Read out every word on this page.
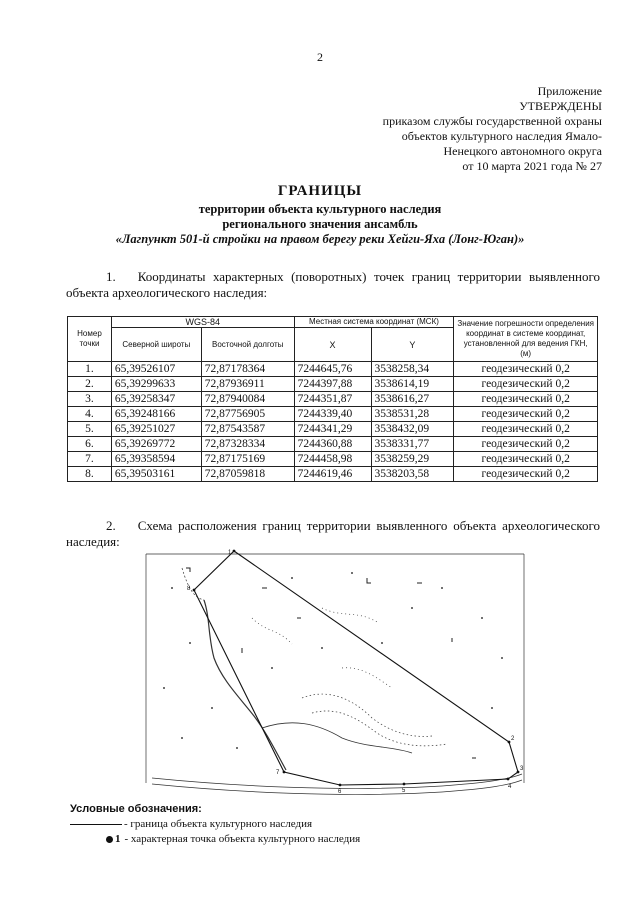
2
Приложение
УТВЕРЖДЕНЫ
приказом службы государственной охраны
объектов культурного наследия Ямало-
Ненецкого автономного округа
от 10 марта 2021 года № 27
ГРАНИЦЫ
территории объекта культурного наследия
регионального значения ансамбль
«Лагпункт 501-й стройки на правом берегу реки Хейги-Яха (Лонг-Юган)»
1. Координаты характерных (поворотных) точек границ территории выявленного объекта археологического наследия:
Номер точки	WGS-84		Местная система координат (МСК)		Значение погрешности определения координат в системе координат, установленной для ведения ГКН, (м)
	Северной широты	Восточной долготы	X	Y	
1.	65,39526107	72,87178364	7244645,76	3538258,34	геодезический 0,2
2.	65,39299633	72,87936911	7244397,88	3538614,19	геодезический 0,2
3.	65,39258347	72,87940084	7244351,87	3538616,27	геодезический 0,2
4.	65,39248166	72,87756905	7244339,40	3538531,28	геодезический 0,2
5.	65,39251027	72,87543587	7244341,29	3538432,09	геодезический 0,2
6.	65,39269772	72,87328334	7244360,88	3538331,77	геодезический 0,2
7.	65,39358594	72,87175169	7244458,98	3538259,29	геодезический 0,2
8.	65,39503161	72,87059818	7244619,46	3538203,58	геодезический 0,2
2. Схема расположения границ территории выявленного объекта археологического наследия:
1
2
3
4
5
6
7
8
Условные обозначения:
- граница объекта культурного наследия
1 - характерная точка объекта культурного наследия
